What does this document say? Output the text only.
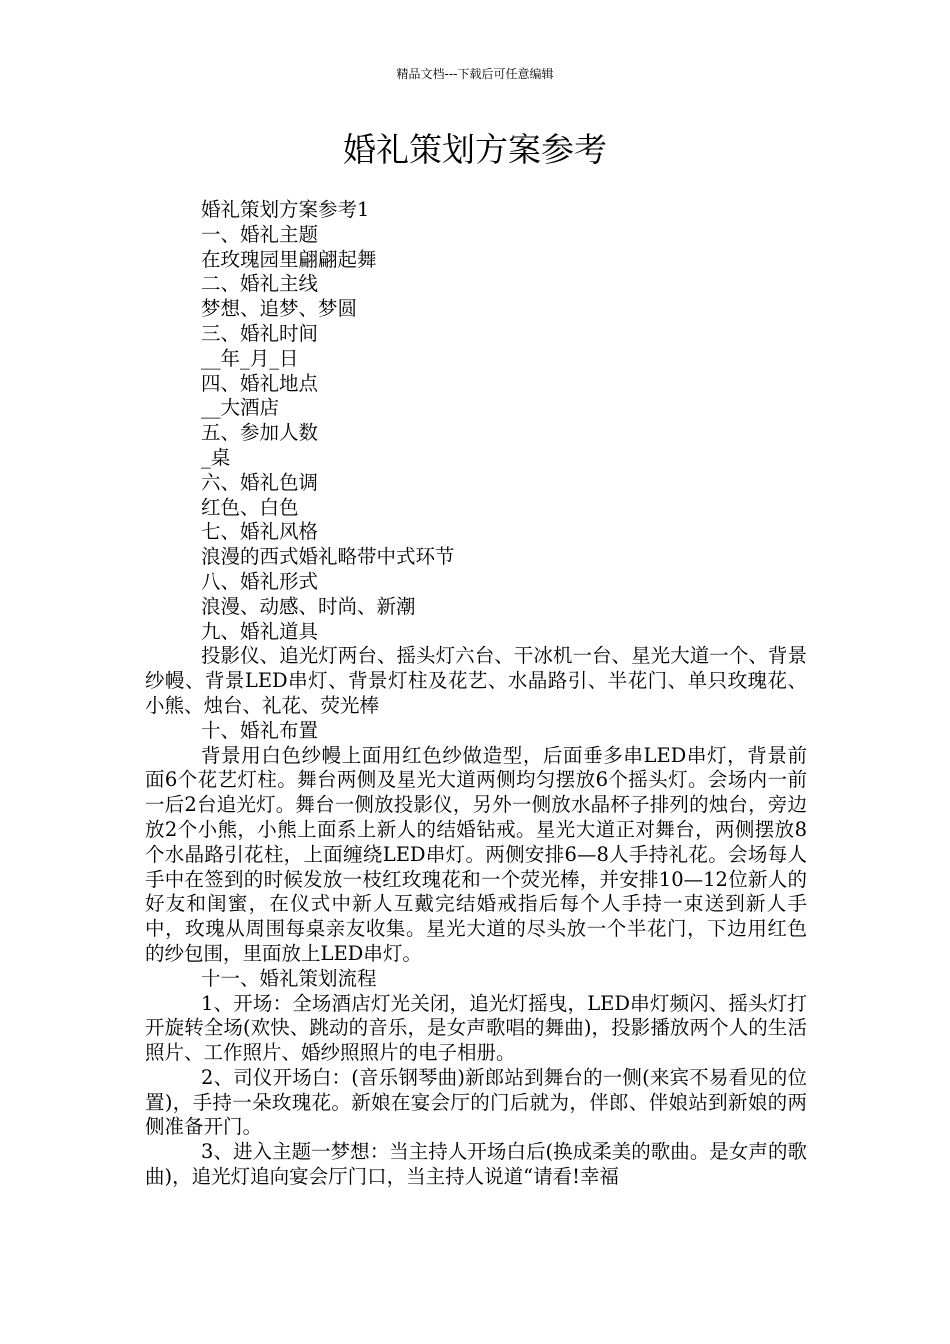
精品文档---下载后可任意编辑
婚礼策划方案参考
婚礼策划方案参考1
一、婚礼主题
在玫瑰园里翩翩起舞
二、婚礼主线
梦想、追梦、梦圆
三、婚礼时间
__年_月_日
四、婚礼地点
__大酒店
五、参加人数
_桌
六、婚礼色调
红色、白色
七、婚礼风格
浪漫的西式婚礼略带中式环节
八、婚礼形式
浪漫、动感、时尚、新潮
九、婚礼道具

投影仪、追光灯两台、摇头灯六台、干冰机一台、星光大道一个、背景纱幔、背景LED串灯、背景灯柱及花艺、水晶路引、半花门、单只玫瑰花、小熊、烛台、礼花、荧光棒

十、婚礼布置

背景用白色纱幔上面用红色纱做造型，后面垂多串LED串灯，背景前面6个花艺灯柱。舞台两侧及星光大道两侧均匀摆放6个摇头灯。会场内一前一后2台追光灯。舞台一侧放投影仪，另外一侧放水晶杯子排列的烛台，旁边放2个小熊，小熊上面系上新人的结婚钻戒。星光大道正对舞台，两侧摆放8个水晶路引花柱，上面缠绕LED串灯。两侧安排6—8人手持礼花。会场每人手中在签到的时候发放一枝红玫瑰花和一个荧光棒，并安排10—12位新人的好友和闺蜜，在仪式中新人互戴完结婚戒指后每个人手持一束送到新人手中，玫瑰从周围每桌亲友收集。星光大道的尽头放一个半花门，下边用红色的纱包围，里面放上LED串灯。

十一、婚礼策划流程

1、开场：全场酒店灯光关闭，追光灯摇曳，LED串灯频闪、摇头灯打开旋转全场(欢快、跳动的音乐，是女声歌唱的舞曲)，投影播放两个人的生活照片、工作照片、婚纱照照片的电子相册。

2、司仪开场白：(音乐钢琴曲)新郎站到舞台的一侧(来宾不易看见的位置)，手持一朵玫瑰花。新娘在宴会厅的门后就为，伴郎、伴娘站到新娘的两侧准备开门。

3、进入主题一梦想：当主持人开场白后(换成柔美的歌曲。是女声的歌曲)，追光灯追向宴会厅门口，当主持人说道“请看!幸福
